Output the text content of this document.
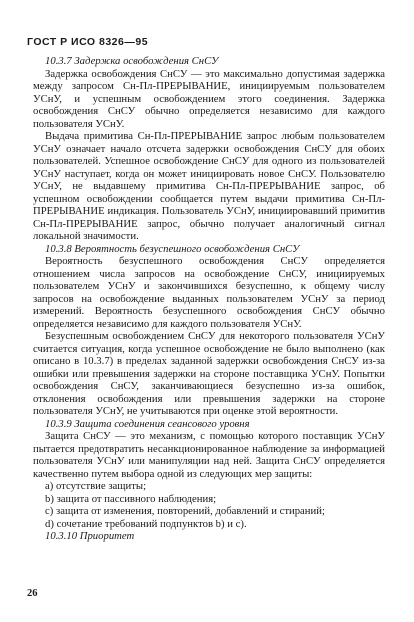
ГОСТ Р ИСО 8326—95

10.3.7 Задержка освобождения СнСУ

Задержка освобождения СнСУ — это максимально допустимая задержка между запросом Сн-Пл-ПРЕРЫВАНИЕ, инициируемым пользователем УСнУ, и успешным освобождением этого соединения. Задержка освобождения СнСУ обычно определяется независимо для каждого пользователя УСнУ.

Выдача примитива Сн-Пл-ПРЕРЫВАНИЕ запрос любым пользователем УСнУ означает начало отсчета задержки освобождения СнСУ для обоих пользователей. Успешное освобождение СнСУ для одного из пользователей УСнУ наступает, когда он может инициировать новое СнСУ. Пользователю УСнУ, не выдавшему примитива Сн-Пл-ПРЕРЫВАНИЕ запрос, об успешном освобождении сообщается путем выдачи примитива Сн-Пл-ПРЕРЫВАНИЕ индикация. Пользователь УСнУ, инициировавший примитив Сн-Пл-ПРЕРЫВАНИЕ запрос, обычно получает аналогичный сигнал локальной значимости.

10.3.8 Вероятность безуспешного освобождения СнСУ

Вероятность безуспешного освобождения СнСУ определяется отношением числа запросов на освобождение СнСУ, инициируемых пользователем УСнУ и закончившихся безуспешно, к общему числу запросов на освобождение выданных пользователем УСнУ за период измерений. Вероятность безуспешного освобождения СнСУ обычно определяется независимо для каждого пользователя УСнУ.

Безуспешным освобождением СнСУ для некоторого пользователя УСнУ считается ситуация, когда успешное освобождение не было выполнено (как описано в 10.3.7) в пределах заданной задержки освобождения СнСУ из-за ошибки или превышения задержки на стороне поставщика УСнУ. Попытки освобождения СнСУ, заканчивающиеся безуспешно из-за ошибок, отклонения освобождения или превышения задержки на стороне пользователя УСнУ, не учитываются при оценке этой вероятности.

10.3.9 Защита соединения сеансового уровня

Защита СнСУ — это механизм, с помощью которого поставщик УСнУ пытается предотвратить несанкционированное наблюдение за информацией пользователя УСнУ или манипуляции над ней. Защита СнСУ определяется качественно путем выбора одной из следующих мер защиты:

а) отсутствие защиты;
b) защита от пассивного наблюдения;
с) защита от изменения, повторений, добавлений и стираний;
d) сочетание требований подпунктов b) и с).

10.3.10 Приоритет

26
